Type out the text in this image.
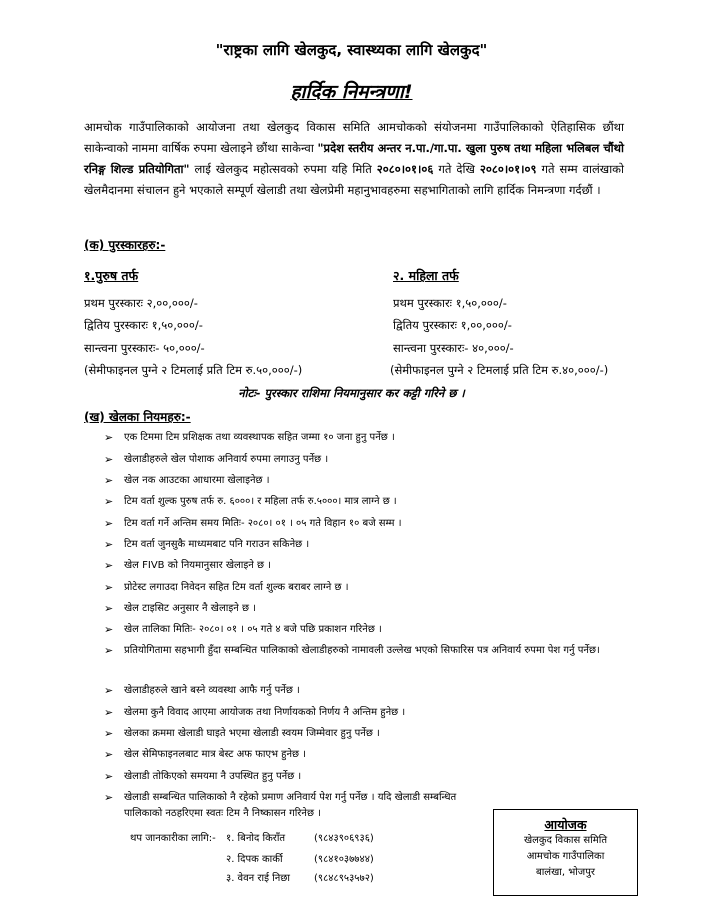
"राष्ट्रका लागि खेलकुद, स्वास्थ्यका लागि खेलकुद"
हार्दिक निमन्त्रणा!
आमचोक गाउँपालिकाको आयोजना तथा खेलकुद विकास समिति आमचोकको संयोजनमा गाउँपालिकाको ऐतिहासिक छौंथा साकेन्वाको नाममा वार्षिक रुपमा खेलाइने छौंथा साकेन्वा "प्रदेश स्तरीय अन्तर न.पा./गा.पा. खुला पुरुष तथा महिला भलिबल चौंथो रनिङ्ग शिल्ड प्रतियोगिता" लाई खेलकुद महोत्सवको रुपमा यहि मिति २०८०।०१।०६ गते देखि २०८०।०१।०९ गते सम्म वालंखाको खेलमैदानमा संचालन हुने भएकाले सम्पूर्ण खेलाडी तथा खेलप्रेमी महानुभावहरुमा सहभागिताको लागि हार्दिक निमन्त्रणा गर्दछौं ।
(क) पुरस्कारहरु:-
१.पुरुष तर्फ
प्रथम पुरस्कारः २,००,०००/-
द्वितिय पुरस्कारः १,५०,०००/-
सान्त्वना पुरस्कारः- ५०,०००/-
(सेमीफाइनल पुग्ने २ टिमलाई प्रति टिम रु.५०,०००/-)
२. महिला तर्फ
प्रथम पुरस्कारः १,५०,०००/-
द्वितिय पुरस्कारः १,००,०००/-
सान्त्वना पुरस्कारः- ४०,०००/-
(सेमीफाइनल पुग्ने २ टिमलाई प्रति टिम रु.४०,०००/-)
नोटः- पुरस्कार राशिमा नियमानुसार कर कट्टी गरिने छ ।
(ख) खेलका नियमहरु:-
➢ एक टिममा टिम प्रशिक्षक तथा व्यवस्थापक सहित जम्मा १० जना हुनु पर्नेछ ।
➢ खेलाडीहरुले खेल पोशाक अनिवार्य रुपमा लगाउनु पर्नेछ ।
➢ खेल नक आउटका आधारमा खेलाइनेछ ।
➢ टिम वर्ता शुल्क पुरुष तर्फ रु. ६०००। र महिला तर्फ रु.५०००। मात्र लाग्ने छ ।
➢ टिम वर्ता गर्ने अन्तिम समय मितिः- २०८०। ०१ । ०५ गते विहान १० बजे सम्म ।
➢ टिम वर्ता जुनसुकै माध्यमबाट पनि गराउन सकिनेछ ।
➢ खेल FIVB को नियमानुसार खेलाइने छ ।
➢ प्रोटेस्ट लगाउदा निवेदन सहित टिम वर्ता शुल्क बराबर लाग्ने छ ।
➢ खेल टाइसिट अनुसार नै खेलाइने छ ।
➢ खेल तालिका मितिः- २०८०। ०१ । ०५ गते ४ बजे पछि प्रकाशन गरिनेछ ।
➢ प्रतियोगितामा सहभागी हुँदा सम्बन्धित पालिकाको खेलाडीहरुको नामावली उल्लेख भएको सिफारिस पत्र अनिवार्य रुपमा पेश गर्नु पर्नेछ।
➢ खेलाडीहरुले खाने बस्ने व्यवस्था आफै गर्नु पर्नेछ ।
➢ खेलमा कुनै विवाद आएमा आयोजक तथा निर्णायकको निर्णय नै अन्तिम हुनेछ ।
➢ खेलका क्रममा खेलाडी घाइते भएमा खेलाडी स्वयम जिम्मेवार हुनु पर्नेछ ।
➢ खेल सेमिफाइनलबाट मात्र बेस्ट अफ फाएभ हुनेछ ।
➢ खेलाडी तोकिएको समयमा नै उपस्थित हुनु पर्नेछ ।
➢ खेलाडी सम्बन्धित पालिकाको नै रहेको प्रमाण अनिवार्य पेश गर्नु पर्नेछ । यदि खेलाडी सम्बन्धित पालिकाको नठहरिएमा स्वतः टिम नै निष्कासन गरिनेछ ।
थप जानकारीका लागि:- १. बिनोद किराँत	(९८४३९०६९३६)
२. दिपक कार्की	(९८४१०३७७४४)
३. वेवन राई निछा (९८४८९५३५७२)
आयोजक
खेलकुद विकास समिति
आमचोक गाउँपालिका
बालंखा, भोजपुर
